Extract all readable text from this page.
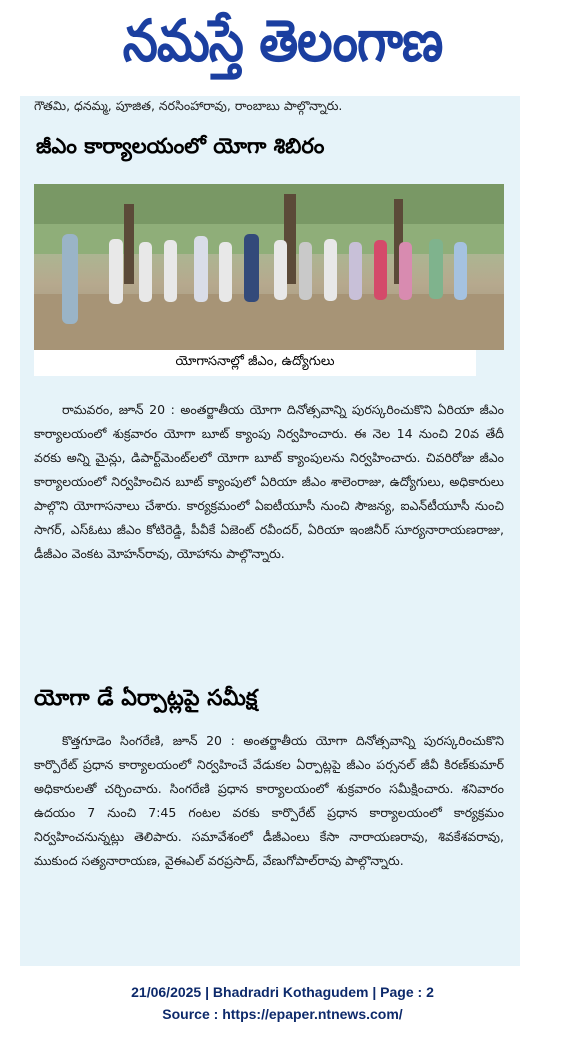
నమస్తే తెలంగాణ

గౌతమి, ధనమ్మ, పూజిత, నరసింహారావు, రాంబాబు పాల్గొన్నారు.

జీఎం కార్యాలయంలో యోగా శిబిరం
యోగాసనాల్లో జీఎం, ఉద్యోగులు

రామవరం, జూన్ 20 : అంతర్జాతీయ యోగా దినోత్సవాన్ని పురస్కరించుకొని ఏరియా జీఎం కార్యాలయంలో శుక్రవారం యోగా బూట్ క్యాంపు నిర్వహించారు. ఈ నెల 14 నుంచి 20వ తేదీ వరకు అన్ని మైన్లు, డిపార్ట్‌మెంట్‌లలో యోగా బూట్ క్యాంపులను నిర్వహించారు. చివరిరోజు జీఎం కార్యాలయంలో నిర్వహించిన బూట్ క్యాంపులో ఏరియా జీఎం శాలెంరాజు, ఉద్యోగులు, అధికారులు పాల్గొని యోగాసనాలు చేశారు. కార్యక్రమంలో ఏఐటీయూసీ నుంచి సౌజన్య, ఐఎన్‌టీయూసీ నుంచి సాగర్, ఎస్‌ఓటు జీఎం కోటిరెడ్డి, పీవీకే ఏజెంట్ రవీందర్, ఏరియా ఇంజినీర్ సూర్యనారాయణరాజు, డీజీఎం వెంకట మోహన్‌రావు, యోహాను పాల్గొన్నారు.

యోగా డే ఏర్పాట్లపై సమీక్ష

కొత్తగూడెం సింగరేణి, జూన్ 20 : అంతర్జాతీయ యోగా దినోత్సవాన్ని పురస్కరించుకొని కార్పొరేట్ ప్రధాన కార్యాలయంలో నిర్వహించే వేడుకల ఏర్పాట్లపై జీఎం పర్సనల్ జీవీ కిరణ్‌కుమార్ అధికారులతో చర్చించారు. సింగరేణి ప్రధాన కార్యాలయంలో శుక్రవారం సమీక్షించారు. శనివారం ఉదయం 7 నుంచి 7:45 గంటల వరకు కార్పొరేట్ ప్రధాన కార్యాలయంలో కార్యక్రమం నిర్వహించనున్నట్లు తెలిపారు. సమావేశంలో డీజీఎంలు కేసా నారాయణరావు, శివకేశవరావు, ముకుంద సత్యనారాయణ, వైఈఎల్ వరప్రసాద్, వేణుగోపాల్‌రావు పాల్గొన్నారు.

21/06/2025 | Bhadradri Kothagudem | Page : 2
Source : https://epaper.ntnews.com/
